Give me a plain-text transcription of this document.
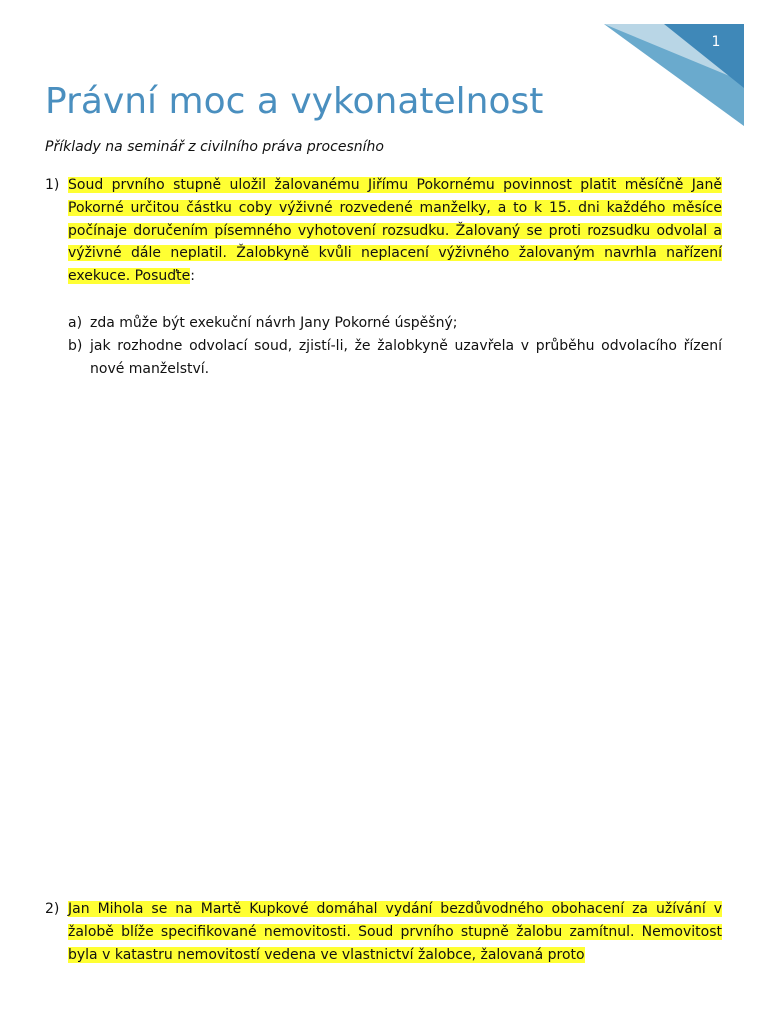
1
Právní moc a vykonatelnost

Příklady na seminář z civilního práva procesního

1) Soud prvního stupně uložil žalovanému Jiřímu Pokornému povinnost platit měsíčně Janě Pokorné určitou částku coby výživné rozvedené manželky, a to k 15. dni každého měsíce počínaje doručením písemného vyhotovení rozsudku. Žalovaný se proti rozsudku odvolal a výživné dále neplatil. Žalobkyně kvůli neplacení výživného žalovaným navrhla nařízení exekuce. Posuďte:
a) zda může být exekuční návrh Jany Pokorné úspěšný;
b) jak rozhodne odvolací soud, zjistí-li, že žalobkyně uzavřela v průběhu odvolacího řízení nové manželství.
2) Jan Mihola se na Martě Kupkové domáhal vydání bezdůvodného obohacení za užívání v žalobě blíže specifikované nemovitosti. Soud prvního stupně žalobu zamítnul. Nemovitost byla v katastru nemovitostí vedena ve vlastnictví žalobce, žalovaná proto
